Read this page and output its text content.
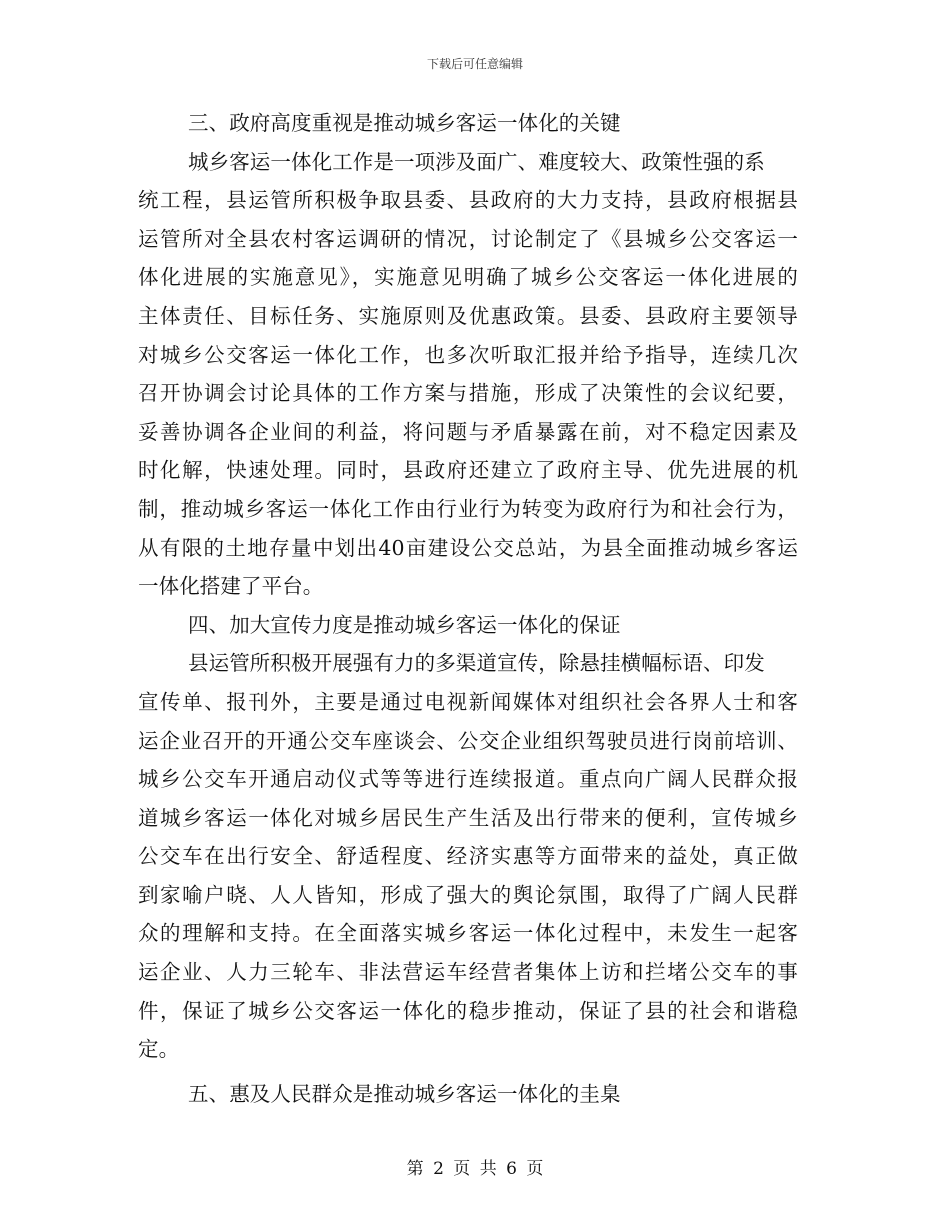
下载后可任意编辑
三、政府高度重视是推动城乡客运一体化的关键
城乡客运一体化工作是一项涉及面广、难度较大、政策性强的系
统工程，县运管所积极争取县委、县政府的大力支持，县政府根据县
运管所对全县农村客运调研的情况，讨论制定了《县城乡公交客运一
体化进展的实施意见》，实施意见明确了城乡公交客运一体化进展的
主体责任、目标任务、实施原则及优惠政策。县委、县政府主要领导
对城乡公交客运一体化工作，也多次听取汇报并给予指导，连续几次
召开协调会讨论具体的工作方案与措施，形成了决策性的会议纪要，
妥善协调各企业间的利益，将问题与矛盾暴露在前，对不稳定因素及
时化解，快速处理。同时，县政府还建立了政府主导、优先进展的机
制，推动城乡客运一体化工作由行业行为转变为政府行为和社会行为，
从有限的土地存量中划出40亩建设公交总站，为县全面推动城乡客运
一体化搭建了平台。
四、加大宣传力度是推动城乡客运一体化的保证
县运管所积极开展强有力的多渠道宣传，除悬挂横幅标语、印发
宣传单、报刊外，主要是通过电视新闻媒体对组织社会各界人士和客
运企业召开的开通公交车座谈会、公交企业组织驾驶员进行岗前培训、
城乡公交车开通启动仪式等等进行连续报道。重点向广阔人民群众报
道城乡客运一体化对城乡居民生产生活及出行带来的便利，宣传城乡
公交车在出行安全、舒适程度、经济实惠等方面带来的益处，真正做
到家喻户晓、人人皆知，形成了强大的舆论氛围，取得了广阔人民群
众的理解和支持。在全面落实城乡客运一体化过程中，未发生一起客
运企业、人力三轮车、非法营运车经营者集体上访和拦堵公交车的事
件，保证了城乡公交客运一体化的稳步推动，保证了县的社会和谐稳
定。
五、惠及人民群众是推动城乡客运一体化的圭臬
第 2 页 共 6 页
